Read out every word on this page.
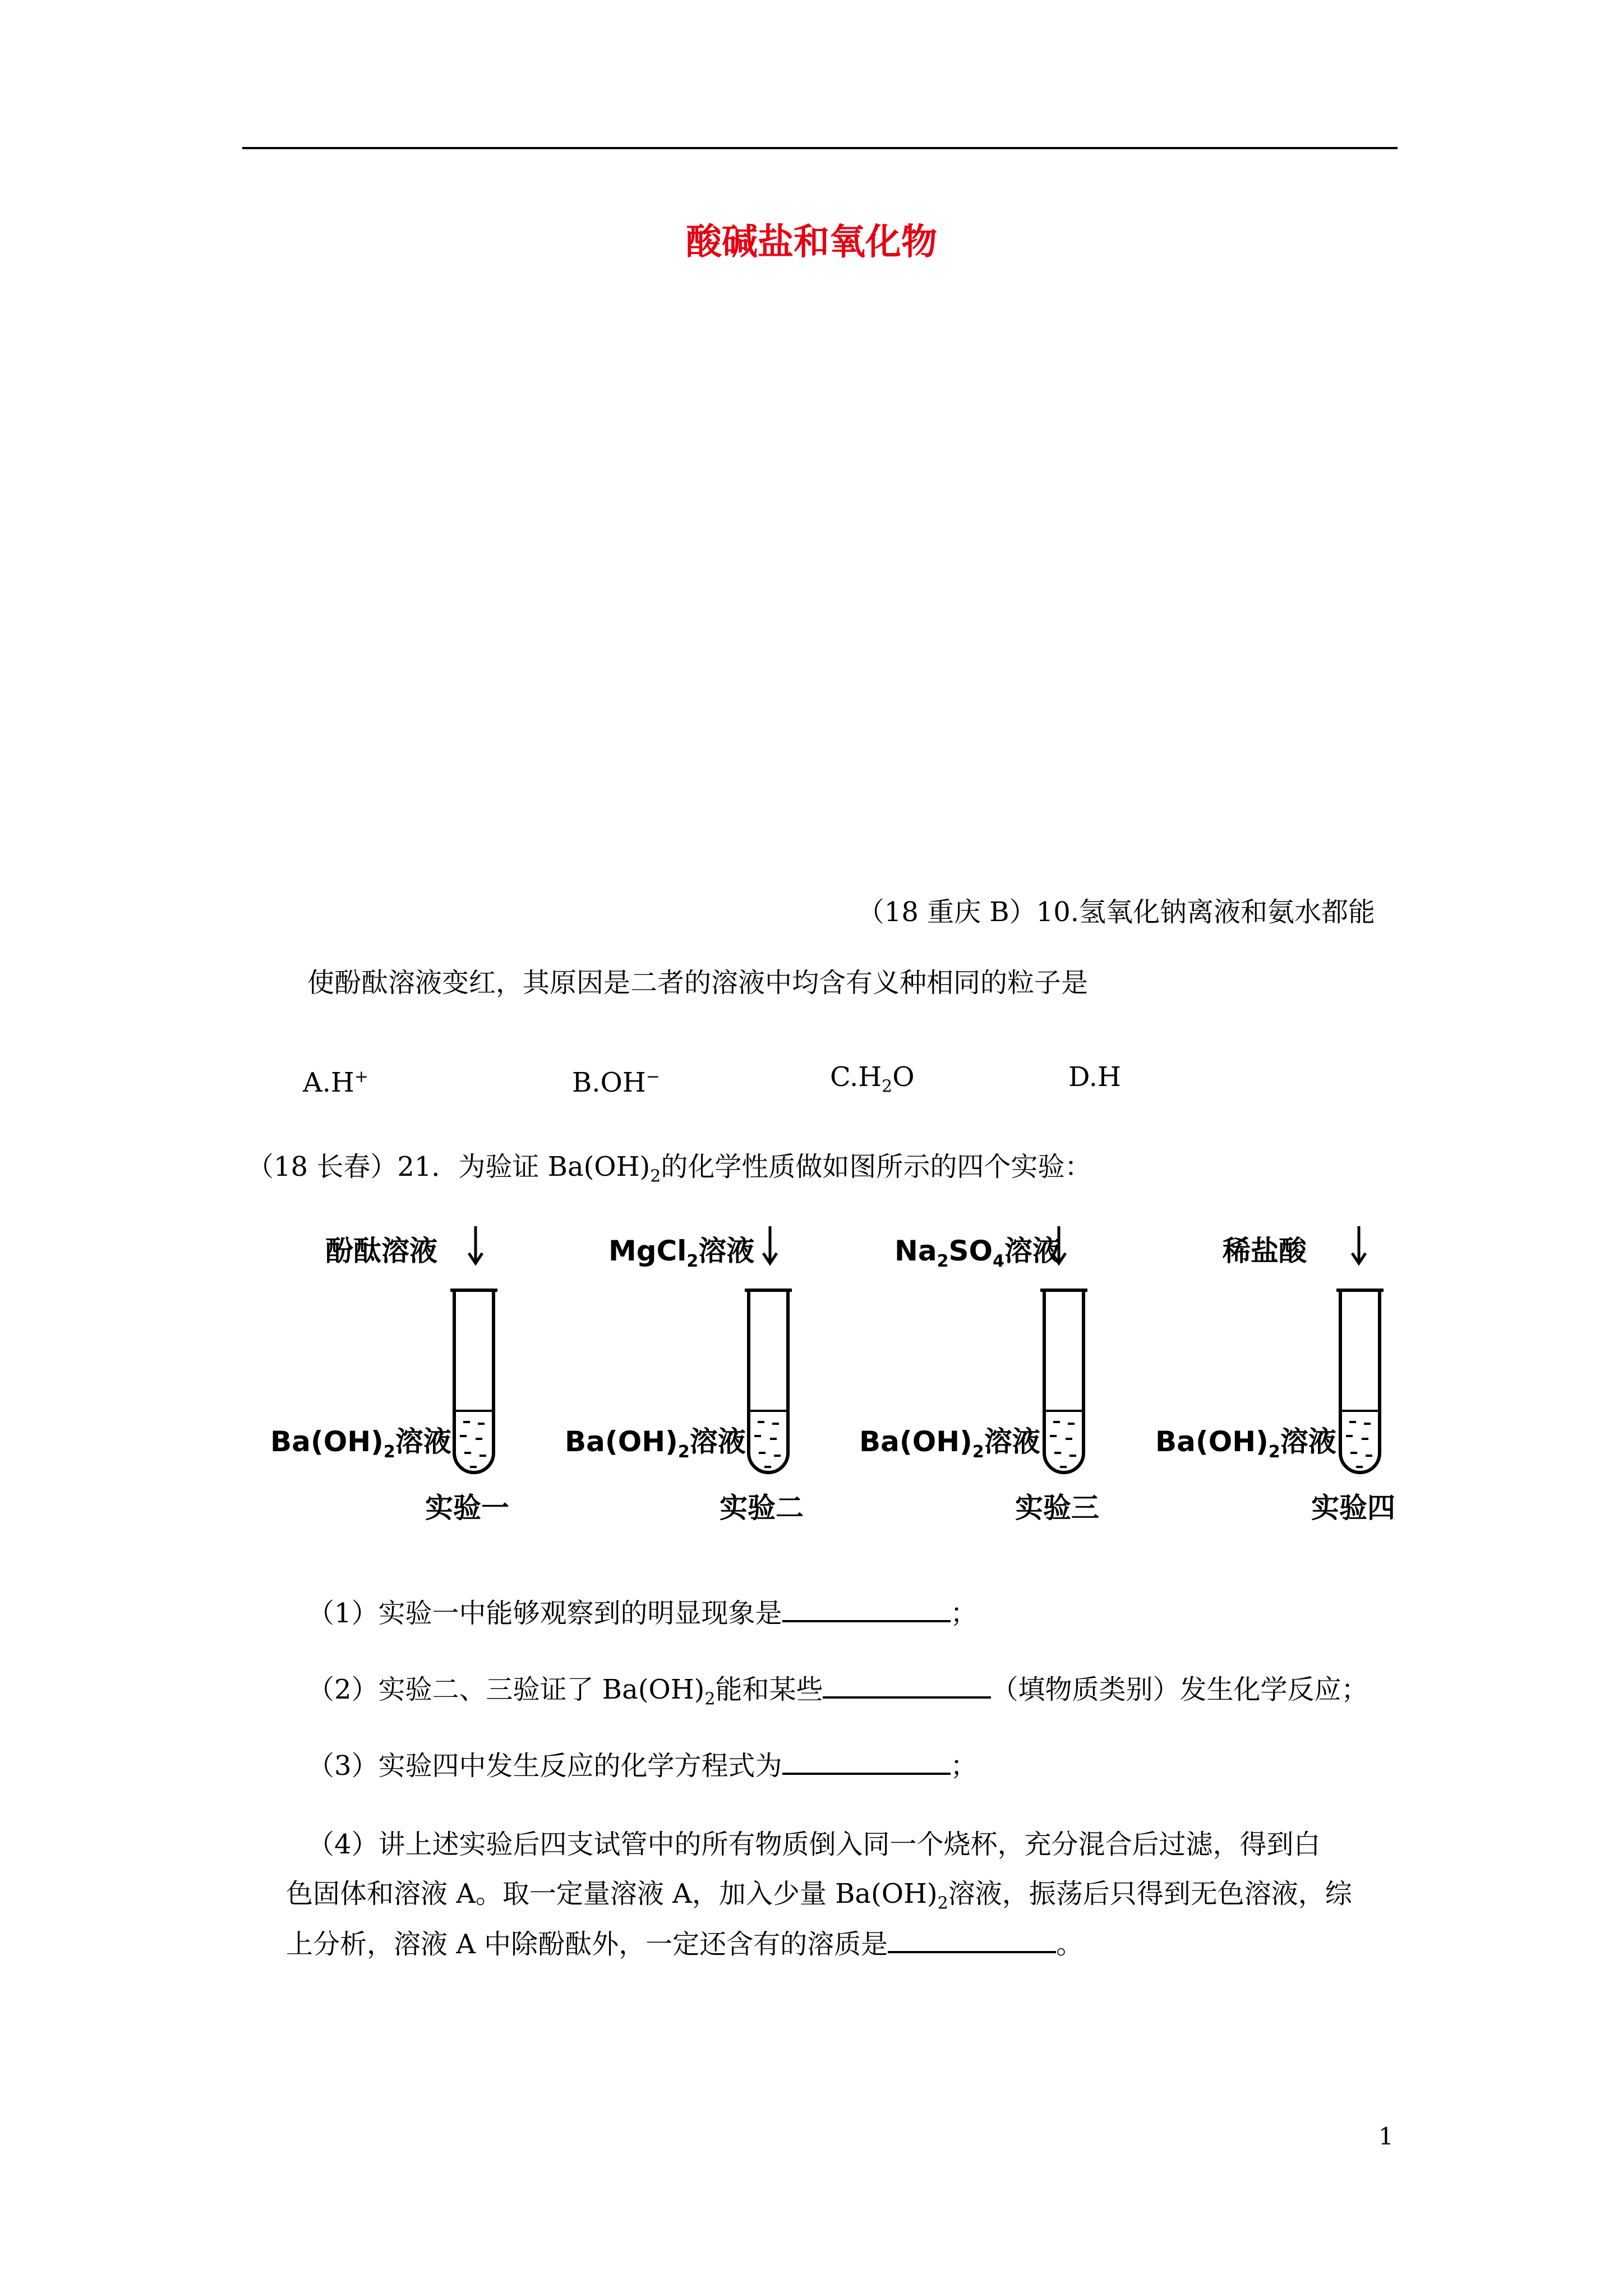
酸碱盐和氧化物
（18 重庆 B）10.氢氧化钠离液和氨水都能
使酚酞溶液变红，其原因是二者的溶液中均含有义种相同的粒子是
A.H+	B.OH−	$C.H_2O$	D.H
（18 长春）21．为验证 $Ba(OH)_2$的化学性质做如图所示的四个实验：
酚酞溶液
$Ba(OH)_2$溶液
实验一
MgCl$_2$溶液
$Ba(OH)_2$溶液
实验二
$Na_2SO_4$溶液
$Ba(OH)_2$溶液
实验三
稀盐酸
$Ba(OH)_2$溶液
实验四
（1）实验一中能够观察到的明显现象是	；
（2）实验二、三验证了 $Ba(OH)_2$能和某些	（填物质类别）发生化学反应；
（3）实验四中发生反应的化学方程式为	；
（4）讲上述实验后四支试管中的所有物质倒入同一个烧杯，充分混合后过滤，得到白
色固体和溶液 A。取一定量溶液 A，加入少量 $Ba(OH)_2$溶液，振荡后只得到无色溶液，综
上分析，溶液 A 中除酚酞外，一定还含有的溶质是	。
1
